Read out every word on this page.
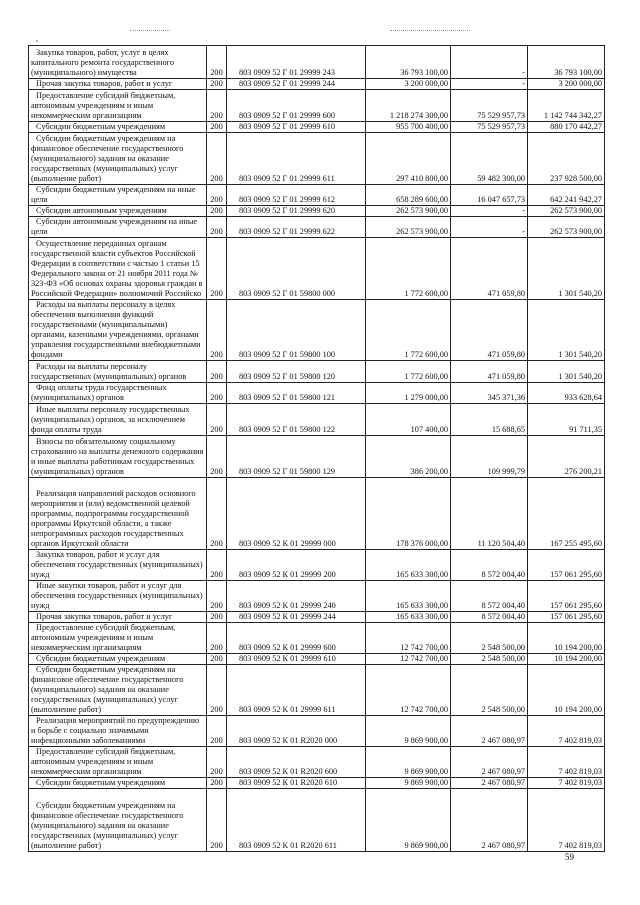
Закупка товаров, работ, услуг в целях капитального ремонта государственного (муниципального) имущества	200	803 0909 52 Г 01 29999 243	36 793 100,00	-	36 793 100,00
Прочая закупка товаров, работ и услуг	200	803 0909 52 Г 01 29999 244	3 200 000,00	-	3 200 000,00
Предоставление субсидий бюджетным, автономным учреждениям и иным некоммерческим организациям	200	803 0909 52 Г 01 29999 600	1 218 274 300,00	75 529 957,73	1 142 744 342,27
Субсидии бюджетным учреждениям	200	803 0909 52 Г 01 29999 610	955 700 400,00	75 529 957,73	880 170 442,27
Субсидии бюджетным учреждениям на финансовое обеспечение государственного (муниципального) задания на оказание государственных (муниципальных) услуг (выполнение работ)	200	803 0909 52 Г 01 29999 611	297 410 800,00	59 482 300,00	237 928 500,00
Субсидии бюджетным учреждениям на иные цели	200	803 0909 52 Г 01 29999 612	658 289 600,00	16 047 657,73	642 241 942,27
Субсидии автономным учреждениям	200	803 0909 52 Г 01 29999 620	262 573 900,00	-	262 573 900,00
Субсидии автономным учреждениям на иные цели	200	803 0909 52 Г 01 29999 622	262 573 900,00	-	262 573 900,00
Осуществление переданных органам государственной власти субъектов Российской Федерации в соответствии с частью 1 статьи 15 Федерального закона от 21 ноября 2011 года № 323-ФЗ «Об основах охраны здоровья граждан в Российской Федерации» полномочий Российско	200	803 0909 52 Г 01 59800 000	1 772 600,00	471 059,80	1 301 540,20
Расходы на выплаты персоналу в целях обеспечения выполнения функций государственными (муниципальными) органами, казенными учреждениями, органами управления государственными внебюджетными фондами	200	803 0909 52 Г 01 59800 100	1 772 600,00	471 059,80	1 301 540,20
Расходы на выплаты персоналу государственных (муниципальных) органов	200	803 0909 52 Г 01 59800 120	1 772 600,00	471 059,80	1 301 540,20
Фонд оплаты труда государственных (муниципальных) органов	200	803 0909 52 Г 01 59800 121	1 279 000,00	345 371,36	933 628,64
Иные выплаты персоналу государственных (муниципальных) органов, за исключением фонда оплаты труда	200	803 0909 52 Г 01 59800 122	107 400,00	15 688,65	91 711,35
Взносы по обязательному социальному страхованию на выплаты денежного содержания и иные выплаты работникам государственных (муниципальных) органов	200	803 0909 52 Г 01 59800 129	386 200,00	109 999,79	276 200,21
Реализация направлений расходов основного мероприятия и (или) ведомственной целевой программы, подпрограммы государственной программы Иркутской области, а также непрограммных расходов государственных органов Иркутской области	200	803 0909 52 К 01 29999 000	178 376 000,00	11 120 504,40	167 255 495,60
Закупка товаров, работ и услуг для обеспечения государственных (муниципальных) нужд	200	803 0909 52 К 01 29999 200	165 633 300,00	8 572 004,40	157 061 295,60
Иные закупки товаров, работ и услуг для обеспечения государственных (муниципальных) нужд	200	803 0909 52 К 01 29999 240	165 633 300,00	8 572 004,40	157 061 295,60
Прочая закупка товаров, работ и услуг	200	803 0909 52 К 01 29999 244	165 633 300,00	8 572 004,40	157 061 295,60
Предоставление субсидий бюджетным, автономным учреждениям и иным некоммерческим организациям	200	803 0909 52 К 01 29999 600	12 742 700,00	2 548 500,00	10 194 200,00
Субсидии бюджетным учреждениям	200	803 0909 52 К 01 29999 610	12 742 700,00	2 548 500,00	10 194 200,00
Субсидии бюджетным учреждениям на финансовое обеспечение государственного (муниципального) задания на оказание государственных (муниципальных) услуг (выполнение работ)	200	803 0909 52 К 01 29999 611	12 742 700,00	2 548 500,00	10 194 200,00
Реализация мероприятий по предупреждению и борьбе с социально значимыми инфекционными заболеваниями	200	803 0909 52 К 01 R2020 000	9 869 900,00	2 467 080,97	7 402 819,03
Предоставление субсидий бюджетным, автономным учреждениям и иным некоммерческим организациям	200	803 0909 52 К 01 R2020 600	9 869 900,00	2 467 080,97	7 402 819,03
Субсидии бюджетным учреждениям	200	803 0909 52 К 01 R2020 610	9 869 900,00	2 467 080,97	7 402 819,03
Субсидии бюджетным учреждениям на финансовое обеспечение государственного (муниципального) задания на оказание государственных (муниципальных) услуг (выполнение работ)	200	803 0909 52 К 01 R2020 611	9 869 900,00	2 467 080,97	7 402 819,03
59
